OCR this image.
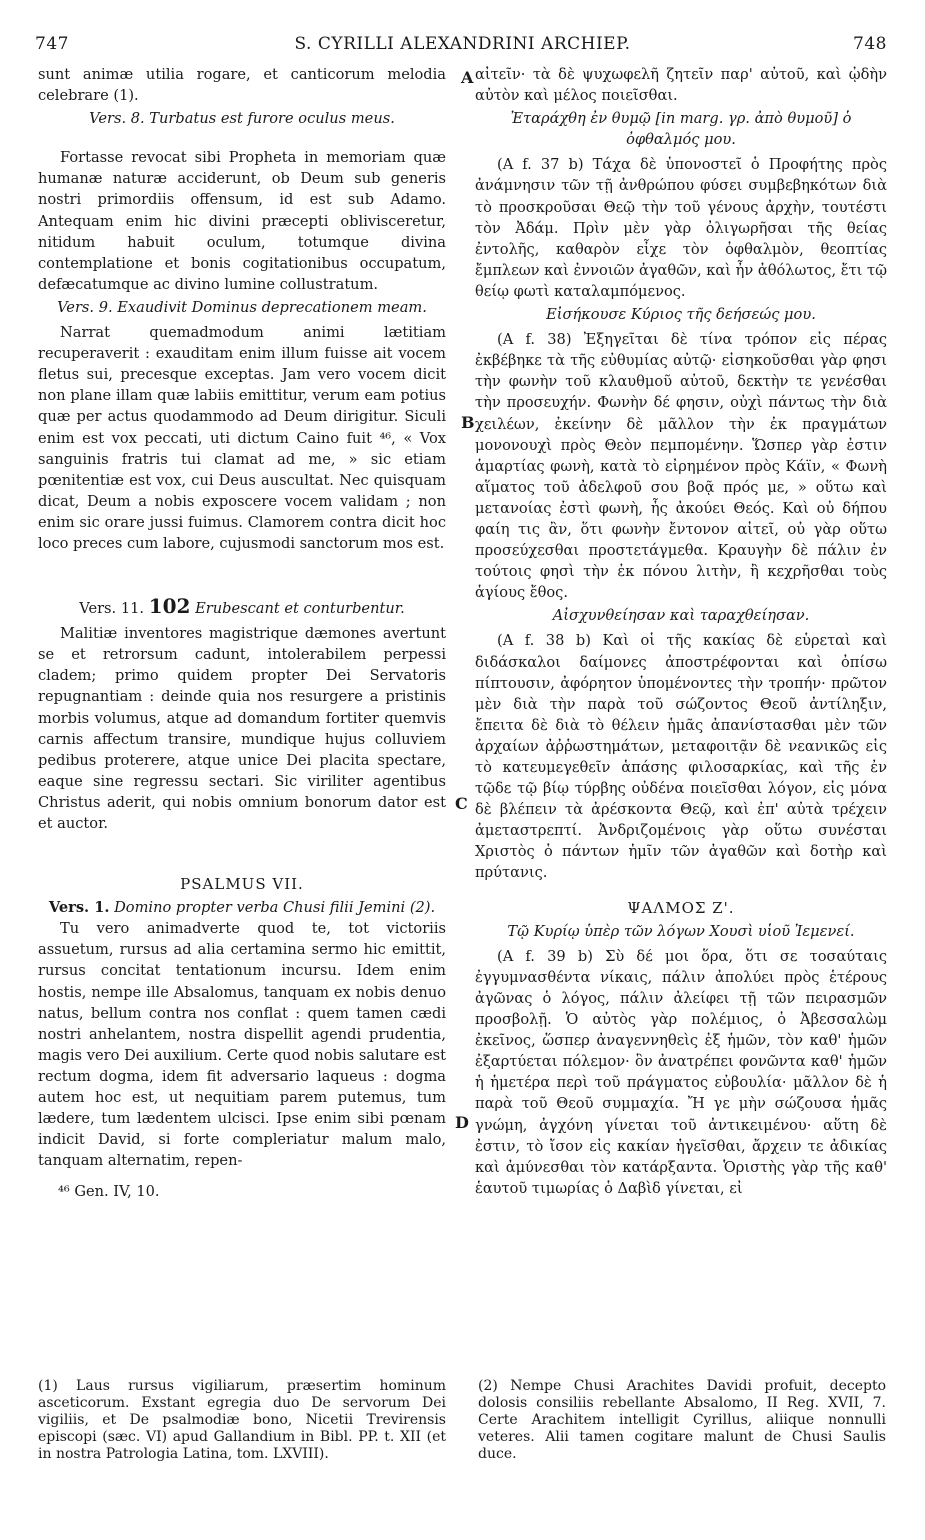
747	S. CYRILLI ALEXANDRINI ARCHIEP.	748
A
B
C
D

sunt animæ utilia rogare, et canticorum melodia celebrare (1).

Vers. 8. Turbatus est furore oculus meus.

Fortasse revocat sibi Propheta in memoriam quæ humanæ naturæ acciderunt, ob Deum sub generis nostri primordiis offensum, id est sub Adamo. Antequam enim hic divini præcepti oblivisceretur, nitidum habuit oculum, totumque divina contemplatione et bonis cogitationibus occupatum, defæcatumque ac divino lumine collustratum.

Vers. 9. Exaudivit Dominus deprecationem meam.

Narrat quemadmodum animi lætitiam recuperaverit : exauditam enim illum fuisse ait vocem fletus sui, precesque exceptas. Jam vero vocem dicit non plane illam quæ labiis emittitur, verum eam potius quæ per actus quodammodo ad Deum dirigitur. Siculi enim est vox peccati, uti dictum Caino fuit ⁴⁶, « Vox sanguinis fratris tui clamat ad me, » sic etiam pœnitentiæ est vox, cui Deus auscultat. Nec quisquam dicat, Deum a nobis exposcere vocem validam ; non enim sic orare jussi fuimus. Clamorem contra dicit hoc loco preces cum labore, cujusmodi sanctorum mos est.

Vers. 11. 102 Erubescant et conturbentur.

Malitiæ inventores magistrique dæmones avertunt se et retrorsum cadunt, intolerabilem perpessi cladem; primo quidem propter Dei Servatoris repugnantiam : deinde quia nos resurgere a pristinis morbis volumus, atque ad domandum fortiter quemvis carnis affectum transire, mundique hujus colluviem pedibus proterere, atque unice Dei placita spectare, eaque sine regressu sectari. Sic viriliter agentibus Christus aderit, qui nobis omnium bonorum dator est et auctor.

PSALMUS VII.

Vers. 1. Domino propter verba Chusi filii Jemini (2).

Tu vero animadverte quod te, tot victoriis assuetum, rursus ad alia certamina sermo hic emittit, rursus concitat tentationum incursu. Idem enim hostis, nempe ille Absalomus, tanquam ex nobis denuo natus, bellum contra nos conflat : quem tamen cædi nostri anhelantem, nostra dispellit agendi prudentia, magis vero Dei auxilium. Certe quod nobis salutare est rectum dogma, idem fit adversario laqueus : dogma autem hoc est, ut nequitiam parem putemus, tum lædere, tum lædentem ulcisci. Ipse enim sibi pœnam indicit David, si forte compleriatur malum malo, tanquam alternatim, repen-

⁴⁶ Gen. IV, 10.

αἰτεῖν· τὰ δὲ ψυχωφελῆ ζητεῖν παρ' αὐτοῦ, καὶ ᾠδὴν αὐτὸν καὶ μέλος ποιεῖσθαι.

Ἐταράχθη ἐν θυμῷ [in marg. γρ. ἀπὸ θυμοῦ] ὁ ὀφθαλμός μου.

(A f. 37 b) Τάχα δὲ ὑπονοστεῖ ὁ Προφήτης πρὸς ἀνάμνησιν τῶν τῇ ἀνθρώπου φύσει συμβεβηκότων διὰ τὸ προσκροῦσαι Θεῷ τὴν τοῦ γένους ἀρχὴν, τουτέστι τὸν Ἀδάμ. Πρὶν μὲν γὰρ ὀλιγωρῆσαι τῆς θείας ἐντολῆς, καθαρὸν εἶχε τὸν ὀφθαλμὸν, θεοπτίας ἔμπλεων καὶ ἐννοιῶν ἀγαθῶν, καὶ ἦν ἀθόλωτος, ἔτι τῷ θείῳ φωτὶ καταλαμπόμενος.

Εἰσήκουσε Κύριος τῆς δεήσεώς μου.

(A f. 38) Ἐξηγεῖται δὲ τίνα τρόπον εἰς πέρας ἐκβέβηκε τὰ τῆς εὐθυμίας αὐτῷ· εἰσηκοῦσθαι γὰρ φησι τὴν φωνὴν τοῦ κλαυθμοῦ αὐτοῦ, δεκτὴν τε γενέσθαι τὴν προσευχήν. Φωνὴν δέ φησιν, οὐχὶ πάντως τὴν διὰ χειλέων, ἐκείνην δὲ μᾶλλον τὴν ἐκ πραγμάτων μονονουχὶ πρὸς Θεὸν πεμπομένην. Ὥσπερ γὰρ ἐστιν ἁμαρτίας φωνὴ, κατὰ τὸ εἰρημένον πρὸς Κάϊν, « Φωνὴ αἵματος τοῦ ἀδελφοῦ σου βοᾷ πρός με, » οὕτω καὶ μετανοίας ἐστὶ φωνὴ, ἧς ἀκούει Θεός. Καὶ οὐ δήπου φαίη τις ἂν, ὅτι φωνὴν ἔντονον αἰτεῖ, οὐ γὰρ οὕτω προσεύχεσθαι προστετάγμεθα. Κραυγὴν δὲ πάλιν ἐν τούτοις φησὶ τὴν ἐκ πόνου λιτὴν, ἢ κεχρῆσθαι τοὺς ἁγίους ἔθος.

Αἰσχυνθείησαν καὶ ταραχθείησαν.

(A f. 38 b) Καὶ οἱ τῆς κακίας δὲ εὑρεταὶ καὶ διδάσκαλοι δαίμονες ἀποστρέφονται καὶ ὀπίσω πίπτουσιν, ἀφόρητον ὑπομένοντες τὴν τροπήν· πρῶτον μὲν διὰ τὴν παρὰ τοῦ σώζοντος Θεοῦ ἀντίληξιν, ἔπειτα δὲ διὰ τὸ θέλειν ἡμᾶς ἀπανίστασθαι μὲν τῶν ἀρχαίων ἀῤῥωστημάτων, μεταφοιτᾷν δὲ νεανικῶς εἰς τὸ κατευμεγεθεῖν ἁπάσης φιλοσαρκίας, καὶ τῆς ἐν τῷδε τῷ βίῳ τύρβης οὐδένα ποιεῖσθαι λόγον, εἰς μόνα δὲ βλέπειν τὰ ἀρέσκοντα Θεῷ, καὶ ἐπ' αὐτὰ τρέχειν ἀμεταστρεπτί. Ἀνδριζομένοις γὰρ οὕτω συνέσται Χριστὸς ὁ πάντων ἡμῖν τῶν ἀγαθῶν καὶ δοτὴρ καὶ πρύτανις.

ΨΑΛΜΟΣ Ζ'.

Τῷ Κυρίῳ ὑπὲρ τῶν λόγων Χουσὶ υἱοῦ Ἰεμενεί.

(A f. 39 b) Σὺ δέ μοι ὅρα, ὅτι σε τοσαύταις ἐγγυμνασθέντα νίκαις, πάλιν ἀπολύει πρὸς ἑτέρους ἀγῶνας ὁ λόγος, πάλιν ἀλείφει τῇ τῶν πειρασμῶν προσβολῇ. Ὁ αὐτὸς γὰρ πολέμιος, ὁ Ἀβεσσαλὼμ ἐκεῖνος, ὥσπερ ἀναγεννηθεὶς ἐξ ἡμῶν, τὸν καθ' ἡμῶν ἐξαρτύεται πόλεμον· ὃν ἀνατρέπει φονῶντα καθ' ἡμῶν ἡ ἡμετέρα περὶ τοῦ πράγματος εὐβουλία· μᾶλλον δὲ ἡ παρὰ τοῦ Θεοῦ συμμαχία. Ἤ γε μὴν σώζουσα ἡμᾶς γνώμη, ἀγχόνη γίνεται τοῦ ἀντικειμένου· αὕτη δὲ ἐστιν, τὸ ἴσον εἰς κακίαν ἡγεῖσθαι, ἄρχειν τε ἀδικίας καὶ ἀμύνεσθαι τὸν κατάρξαντα. Ὁριστὴς γὰρ τῆς καθ' ἑαυτοῦ τιμωρίας ὁ Δαβὶδ γίνεται, εἰ

(1) Laus rursus vigiliarum, præsertim hominum asceticorum. Exstant egregia duo De servorum Dei vigiliis, et De psalmodiæ bono, Nicetii Trevirensis episcopi (sæc. VI) apud Gallandium in Bibl. PP. t. XII (et in nostra Patrologia Latina, tom. LXVIII).
(2) Nempe Chusi Arachites Davidi profuit, decepto dolosis consiliis rebellante Absalomo, II Reg. XVII, 7. Certe Arachitem intelligit Cyrillus, aliique nonnulli veteres. Alii tamen cogitare malunt de Chusi Saulis duce.
